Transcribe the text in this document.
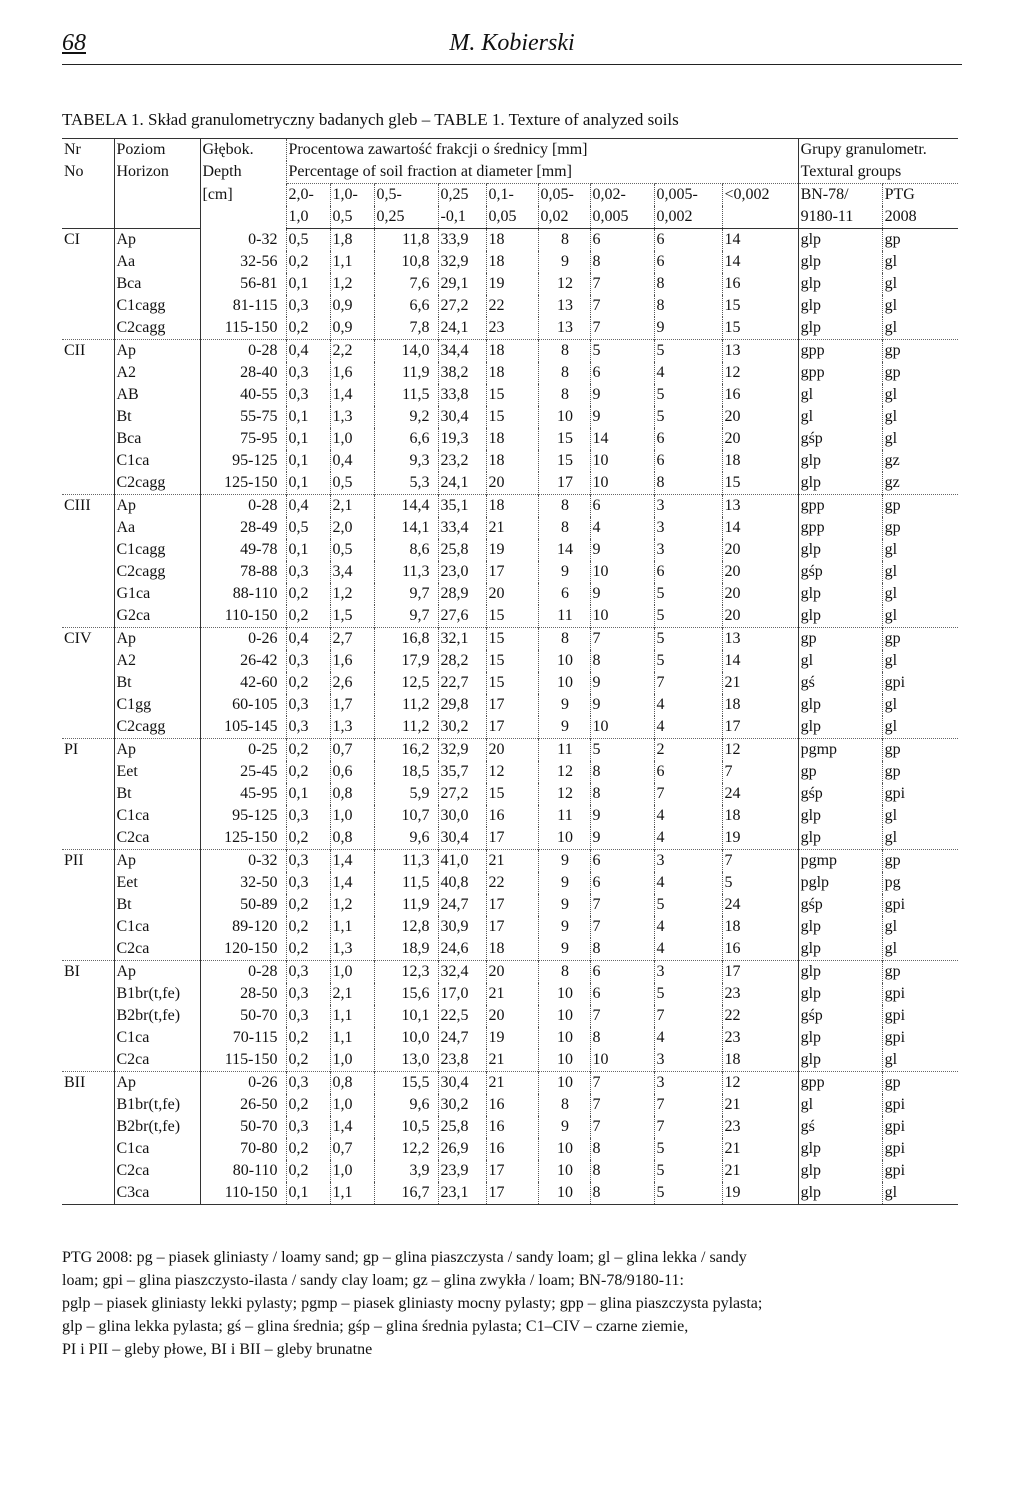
68	M. Kobierski
TABELA 1. Skład granulometryczny badanych gleb – TABLE 1. Texture of analyzed soils
Nr	Poziom	Głębok.	Procentowa zawartość frakcji o średnicy [mm]									Grupy granulometr.	
No	Horizon	Depth	Percentage of soil fraction at diameter [mm]									Textural groups	
		[cm]	2,0-	1,0-	0,5-	0,25	0,1-	0,05-	0,02-	0,005-	<0,002	BN-78/	PTG
			1,0	0,5	0,25	-0,1	0,05	0,02	0,005	0,002		9180-11	2008
CI	Ap	0-32	0,5	1,8	11,8	33,9	18	8	6	6	14	glp	gp
	Aa	32-56	0,2	1,1	10,8	32,9	18	9	8	6	14	glp	gl
	Bca	56-81	0,1	1,2	7,6	29,1	19	12	7	8	16	glp	gl
	C1cagg	81-115	0,3	0,9	6,6	27,2	22	13	7	8	15	glp	gl
	C2cagg	115-150	0,2	0,9	7,8	24,1	23	13	7	9	15	glp	gl
CII	Ap	0-28	0,4	2,2	14,0	34,4	18	8	5	5	13	gpp	gp
	A2	28-40	0,3	1,6	11,9	38,2	18	8	6	4	12	gpp	gp
	AB	40-55	0,3	1,4	11,5	33,8	15	8	9	5	16	gl	gl
	Bt	55-75	0,1	1,3	9,2	30,4	15	10	9	5	20	gl	gl
	Bca	75-95	0,1	1,0	6,6	19,3	18	15	14	6	20	gśp	gl
	C1ca	95-125	0,1	0,4	9,3	23,2	18	15	10	6	18	glp	gz
	C2cagg	125-150	0,1	0,5	5,3	24,1	20	17	10	8	15	glp	gz
CIII	Ap	0-28	0,4	2,1	14,4	35,1	18	8	6	3	13	gpp	gp
	Aa	28-49	0,5	2,0	14,1	33,4	21	8	4	3	14	gpp	gp
	C1cagg	49-78	0,1	0,5	8,6	25,8	19	14	9	3	20	glp	gl
	C2cagg	78-88	0,3	3,4	11,3	23,0	17	9	10	6	20	gśp	gl
	G1ca	88-110	0,2	1,2	9,7	28,9	20	6	9	5	20	glp	gl
	G2ca	110-150	0,2	1,5	9,7	27,6	15	11	10	5	20	glp	gl
CIV	Ap	0-26	0,4	2,7	16,8	32,1	15	8	7	5	13	gp	gp
	A2	26-42	0,3	1,6	17,9	28,2	15	10	8	5	14	gl	gl
	Bt	42-60	0,2	2,6	12,5	22,7	15	10	9	7	21	gś	gpi
	C1gg	60-105	0,3	1,7	11,2	29,8	17	9	9	4	18	glp	gl
	C2cagg	105-145	0,3	1,3	11,2	30,2	17	9	10	4	17	glp	gl
PI	Ap	0-25	0,2	0,7	16,2	32,9	20	11	5	2	12	pgmp	gp
	Eet	25-45	0,2	0,6	18,5	35,7	12	12	8	6	7	gp	gp
	Bt	45-95	0,1	0,8	5,9	27,2	15	12	8	7	24	gśp	gpi
	C1ca	95-125	0,3	1,0	10,7	30,0	16	11	9	4	18	glp	gl
	C2ca	125-150	0,2	0,8	9,6	30,4	17	10	9	4	19	glp	gl
PII	Ap	0-32	0,3	1,4	11,3	41,0	21	9	6	3	7	pgmp	gp
	Eet	32-50	0,3	1,4	11,5	40,8	22	9	6	4	5	pglp	pg
	Bt	50-89	0,2	1,2	11,9	24,7	17	9	7	5	24	gśp	gpi
	C1ca	89-120	0,2	1,1	12,8	30,9	17	9	7	4	18	glp	gl
	C2ca	120-150	0,2	1,3	18,9	24,6	18	9	8	4	16	glp	gl
BI	Ap	0-28	0,3	1,0	12,3	32,4	20	8	6	3	17	glp	gp
	B1br(t,fe)	28-50	0,3	2,1	15,6	17,0	21	10	6	5	23	glp	gpi
	B2br(t,fe)	50-70	0,3	1,1	10,1	22,5	20	10	7	7	22	gśp	gpi
	C1ca	70-115	0,2	1,1	10,0	24,7	19	10	8	4	23	glp	gpi
	C2ca	115-150	0,2	1,0	13,0	23,8	21	10	10	3	18	glp	gl
BII	Ap	0-26	0,3	0,8	15,5	30,4	21	10	7	3	12	gpp	gp
	B1br(t,fe)	26-50	0,2	1,0	9,6	30,2	16	8	7	7	21	gl	gpi
	B2br(t,fe)	50-70	0,3	1,4	10,5	25,8	16	9	7	7	23	gś	gpi
	C1ca	70-80	0,2	0,7	12,2	26,9	16	10	8	5	21	glp	gpi
	C2ca	80-110	0,2	1,0	3,9	23,9	17	10	8	5	21	glp	gpi
	C3ca	110-150	0,1	1,1	16,7	23,1	17	10	8	5	19	glp	gl
PTG 2008: pg – piasek gliniasty / loamy sand; gp – glina piaszczysta / sandy loam; gl – glina lekka / sandy
loam; gpi – glina piaszczysto-ilasta / sandy clay loam; gz – glina zwykła / loam; BN-78/9180-11:
pglp – piasek gliniasty lekki pylasty; pgmp – piasek gliniasty mocny pylasty; gpp – glina piaszczysta pylasta;
glp – glina lekka pylasta; gś – glina średnia; gśp – glina średnia pylasta; C1–CIV – czarne ziemie,
PI i PII – gleby płowe, BI i BII – gleby brunatne
